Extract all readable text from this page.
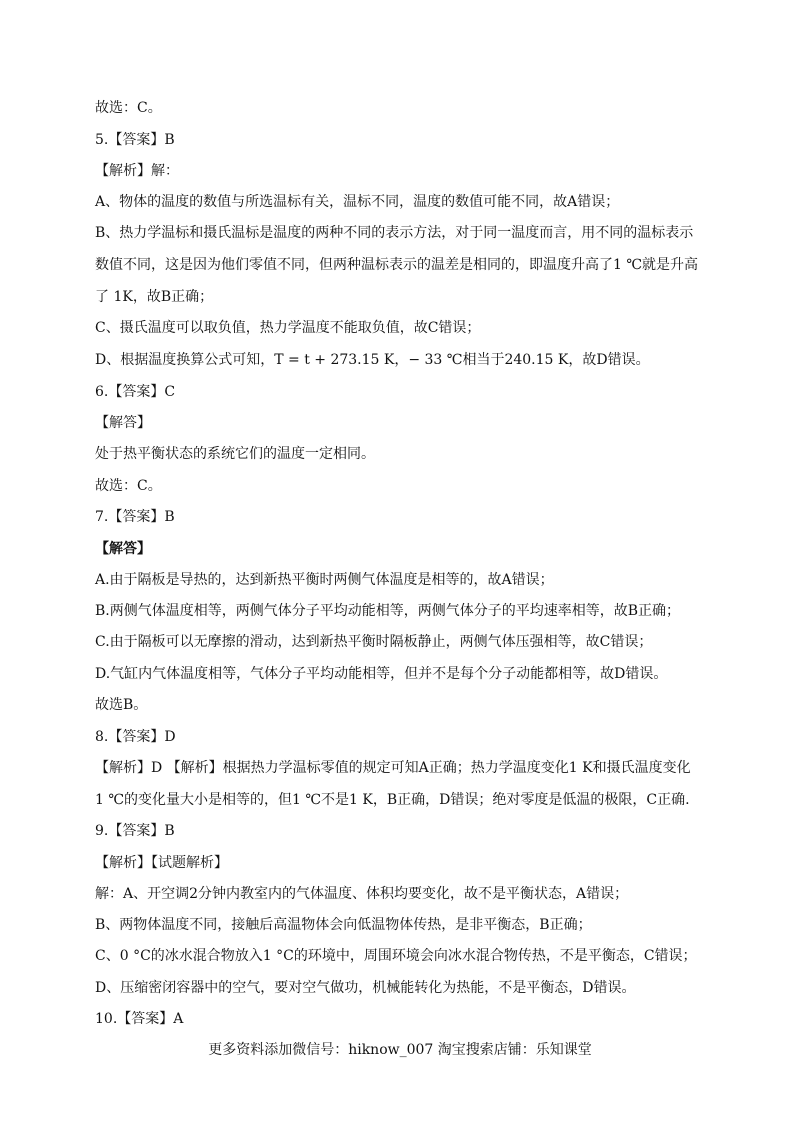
故选：C。
5.【答案】B
【解析】解：
A、物体的温度的数值与所选温标有关，温标不同，温度的数值可能不同，故A错误；
B、热力学温标和摄氏温标是温度的两种不同的表示方法，对于同一温度而言，用不同的温标表示
数值不同，这是因为他们零值不同，但两种温标表示的温差是相同的，即温度升高了1 ℃就是升高
了 1K，故B正确；
C、摄氏温度可以取负值，热力学温度不能取负值，故C错误；
D、根据温度换算公式可知，T = t + 273.15 K，− 33 ℃相当于240.15 K，故D错误。
6.【答案】C
【解答】
处于热平衡状态的系统它们的温度一定相同。
故选：C。
7.【答案】B
【解答】
A.由于隔板是导热的，达到新热平衡时两侧气体温度是相等的，故A错误；
B.两侧气体温度相等，两侧气体分子平均动能相等，两侧气体分子的平均速率相等，故B正确；
C.由于隔板可以无摩擦的滑动，达到新热平衡时隔板静止，两侧气体压强相等，故C错误；
D.气缸内气体温度相等，气体分子平均动能相等，但并不是每个分子动能都相等，故D错误。
故选B。
8.【答案】D
【解析】D 【解析】根据热力学温标零值的规定可知A正确；热力学温度变化1 K和摄氏温度变化
1 ℃的变化量大小是相等的，但1 ℃不是1 K，B正确，D错误；绝对零度是低温的极限，C正确.
9.【答案】B
【解析】【试题解析】
解：A、开空调2分钟内教室内的气体温度、体积均要变化，故不是平衡状态，A错误；
B、两物体温度不同，接触后高温物体会向低温物体传热，是非平衡态，B正确；
C、0 °C的冰水混合物放入1 °C的环境中，周围环境会向冰水混合物传热，不是平衡态，C错误；
D、压缩密闭容器中的空气，要对空气做功，机械能转化为热能，不是平衡态，D错误。
10.【答案】A
更多资料添加微信号：hiknow_007 淘宝搜索店铺：乐知课堂
